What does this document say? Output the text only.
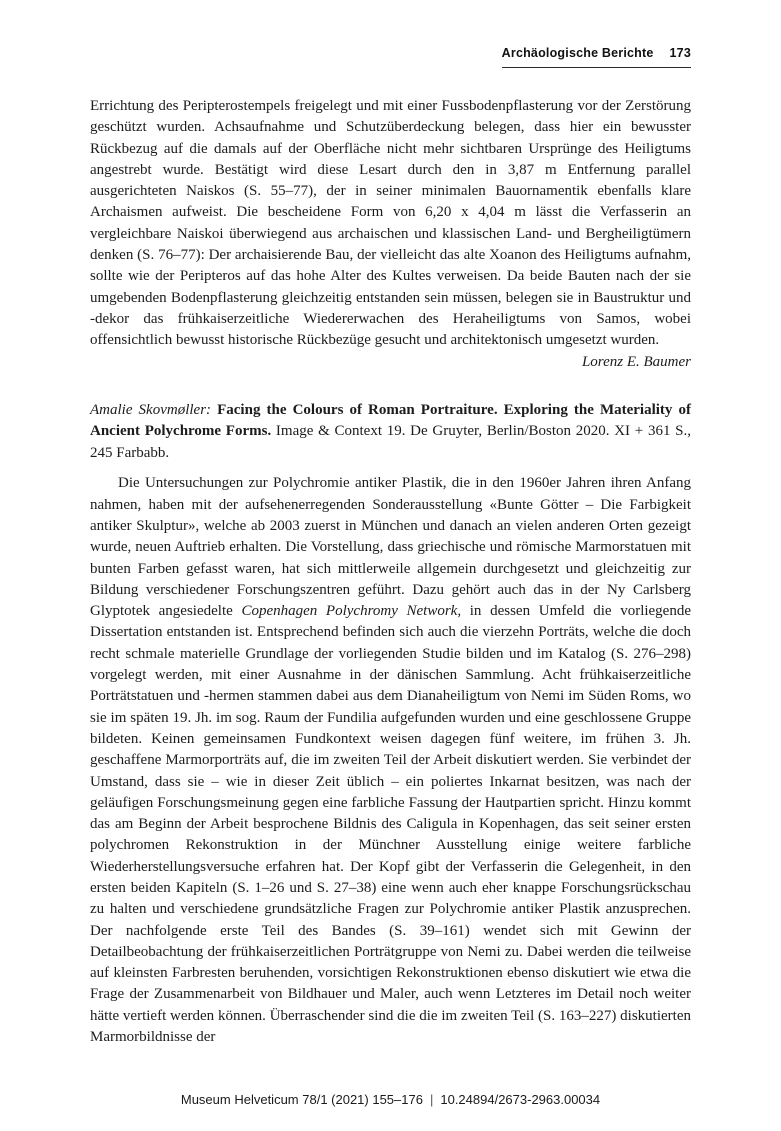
Archäologische Berichte 173

Errichtung des Peripterostempels freigelegt und mit einer Fussbodenpflasterung vor der Zerstörung geschützt wurden. Achsaufnahme und Schutzüberdeckung belegen, dass hier ein bewusster Rückbezug auf die damals auf der Oberfläche nicht mehr sichtbaren Ursprünge des Heiligtums angestrebt wurde. Bestätigt wird diese Lesart durch den in 3,87 m Entfernung parallel ausgerichteten Naiskos (S. 55–77), der in seiner minimalen Bauornamentik ebenfalls klare Archaismen aufweist. Die bescheidene Form von 6,20 x 4,04 m lässt die Verfasserin an vergleichbare Naiskoi überwiegend aus archaischen und klassischen Land- und Bergheiligtümern denken (S. 76–77): Der archaisierende Bau, der vielleicht das alte Xoanon des Heiligtums aufnahm, sollte wie der Peripteros auf das hohe Alter des Kultes verweisen. Da beide Bauten nach der sie umgebenden Bodenpflasterung gleichzeitig entstanden sein müssen, belegen sie in Baustruktur und -dekor das frühkaiserzeitliche Wiedererwachen des Heraheiligtums von Samos, wobei offensichtlich bewusst historische Rückbezüge gesucht und architektonisch umgesetzt wurden.

Lorenz E. Baumer

Amalie Skovmøller: Facing the Colours of Roman Portraiture. Exploring the Materiality of Ancient Polychrome Forms. Image & Context 19. De Gruyter, Berlin/Boston 2020. XI + 361 S., 245 Farbabb.

Die Untersuchungen zur Polychromie antiker Plastik, die in den 1960er Jahren ihren Anfang nahmen, haben mit der aufsehenerregenden Sonderausstellung «Bunte Götter – Die Farbigkeit antiker Skulptur», welche ab 2003 zuerst in München und danach an vielen anderen Orten gezeigt wurde, neuen Auftrieb erhalten. Die Vorstellung, dass griechische und römische Marmorstatuen mit bunten Farben gefasst waren, hat sich mittlerweile allgemein durchgesetzt und gleichzeitig zur Bildung verschiedener Forschungszentren geführt. Dazu gehört auch das in der Ny Carlsberg Glyptotek angesiedelte Copenhagen Polychromy Network, in dessen Umfeld die vorliegende Dissertation entstanden ist. Entsprechend befinden sich auch die vierzehn Porträts, welche die doch recht schmale materielle Grundlage der vorliegenden Studie bilden und im Katalog (S. 276–298) vorgelegt werden, mit einer Ausnahme in der dänischen Sammlung. Acht frühkaiserzeitliche Porträtstatuen und -hermen stammen dabei aus dem Dianaheiligtum von Nemi im Süden Roms, wo sie im späten 19. Jh. im sog. Raum der Fundilia aufgefunden wurden und eine geschlossene Gruppe bildeten. Keinen gemeinsamen Fundkontext weisen dagegen fünf weitere, im frühen 3. Jh. geschaffene Marmorporträts auf, die im zweiten Teil der Arbeit diskutiert werden. Sie verbindet der Umstand, dass sie – wie in dieser Zeit üblich – ein poliertes Inkarnat besitzen, was nach der geläufigen Forschungsmeinung gegen eine farbliche Fassung der Hautpartien spricht. Hinzu kommt das am Beginn der Arbeit besprochene Bildnis des Caligula in Kopenhagen, das seit seiner ersten polychromen Rekonstruktion in der Münchner Ausstellung einige weitere farbliche Wiederherstellungsversuche erfahren hat. Der Kopf gibt der Verfasserin die Gelegenheit, in den ersten beiden Kapiteln (S. 1–26 und S. 27–38) eine wenn auch eher knappe Forschungsrückschau zu halten und verschiedene grundsätzliche Fragen zur Polychromie antiker Plastik anzusprechen. Der nachfolgende erste Teil des Bandes (S. 39–161) wendet sich mit Gewinn der Detailbeobachtung der frühkaiserzeitlichen Porträtgruppe von Nemi zu. Dabei werden die teilweise auf kleinsten Farbresten beruhenden, vorsichtigen Rekonstruktionen ebenso diskutiert wie etwa die Frage der Zusammenarbeit von Bildhauer und Maler, auch wenn Letzteres im Detail noch weiter hätte vertieft werden können. Überraschender sind die die im zweiten Teil (S. 163–227) diskutierten Marmorbildnisse der

Museum Helveticum 78/1 (2021) 155–176 | 10.24894/2673-2963.00034
